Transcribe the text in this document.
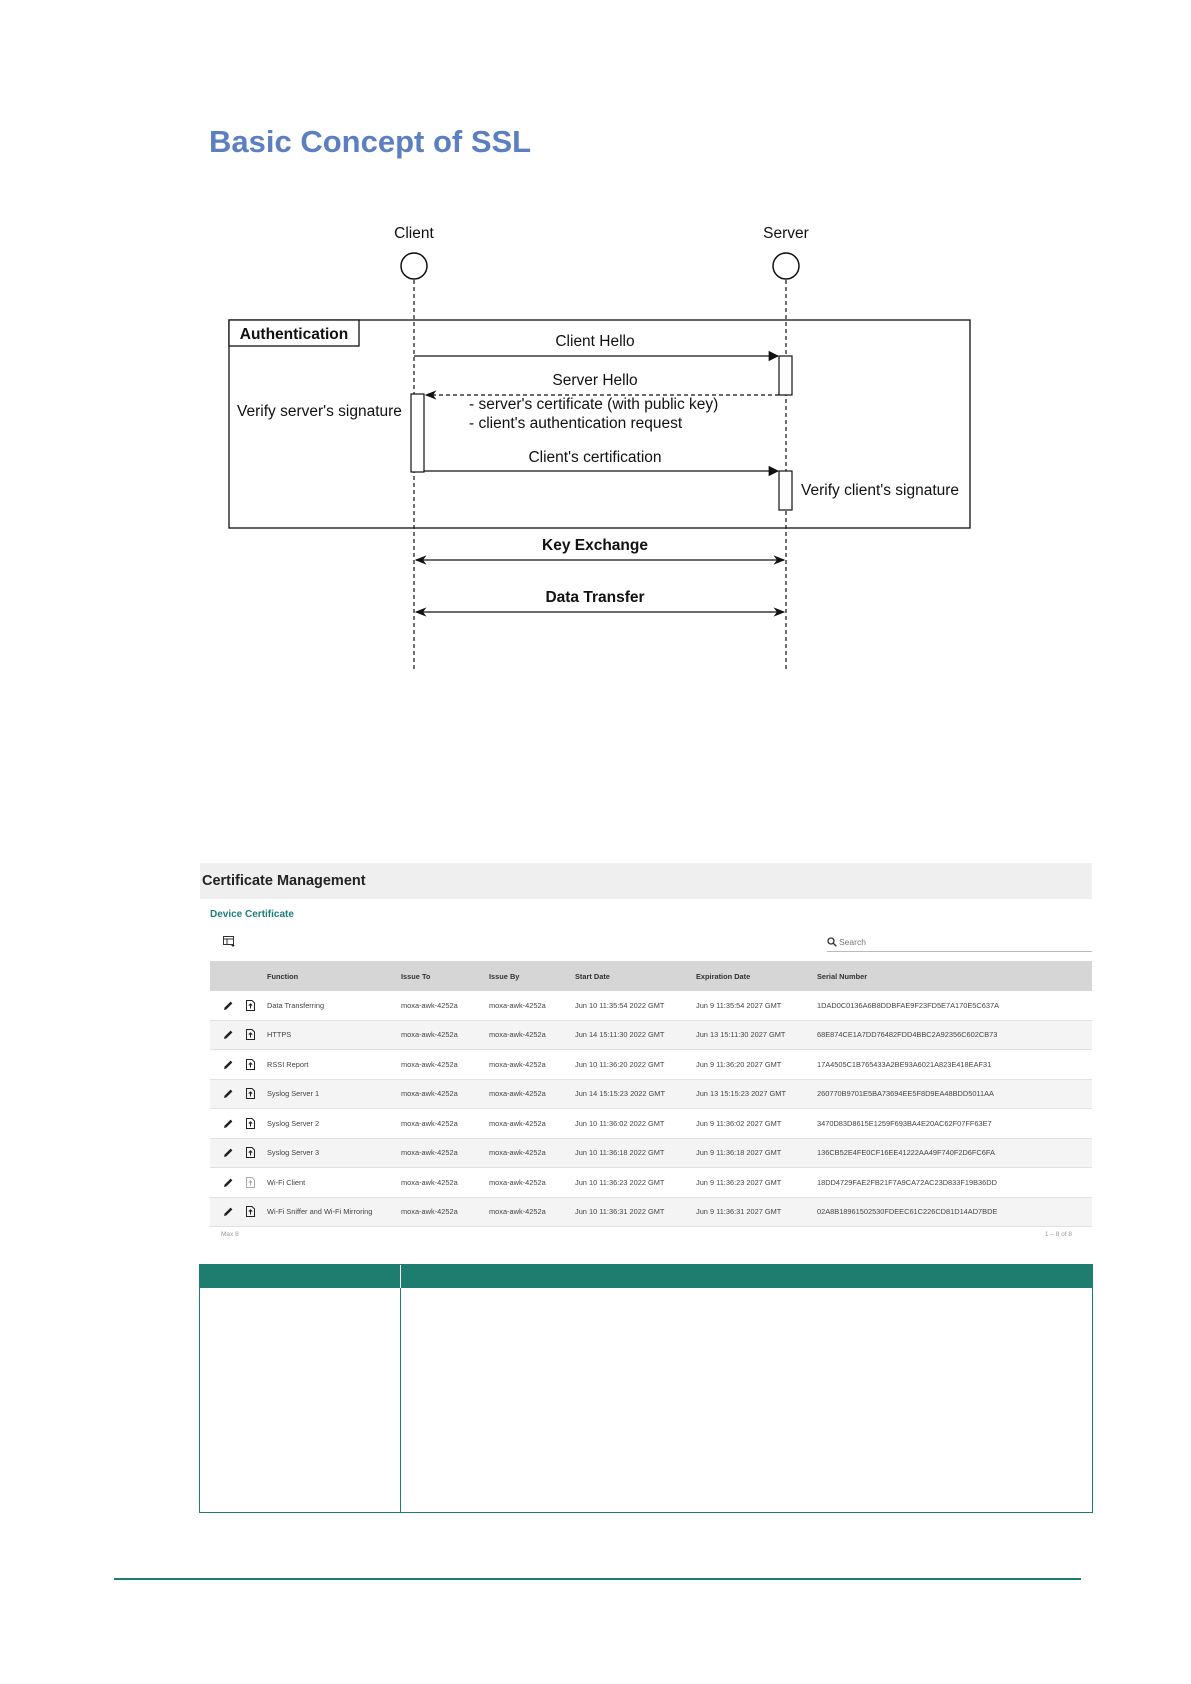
Basic Concept of SSL
Client	Server
Authentication	Client Hello
Server Hello
- server's certificate (with public key)
- client's authentication request
Verify server's signature
Client's certification
Verify client's signature
Key Exchange
Data Transfer
Certificate Management
Device Certificate
Search
Function	Issue To	Issue By	Start Date	Expiration Date	Serial Number
Data Transferring	moxa-awk-4252a	moxa-awk-4252a	Jun 10 11:35:54 2022 GMT	Jun 9 11:35:54 2027 GMT	1DAD0C0136A6B8DDBFAE9F23FD5E7A170E5C637A
HTTPS	moxa-awk-4252a	moxa-awk-4252a	Jun 14 15:11:30 2022 GMT	Jun 13 15:11:30 2027 GMT	68E874CE1A7DD76482FDD4BBC2A92356C602CB73
RSSI Report	moxa-awk-4252a	moxa-awk-4252a	Jun 10 11:36:20 2022 GMT	Jun 9 11:36:20 2027 GMT	17A4505C1B765433A2BE93A6021A823E418EAF31
Syslog Server 1	moxa-awk-4252a	moxa-awk-4252a	Jun 14 15:15:23 2022 GMT	Jun 13 15:15:23 2027 GMT	260770B9701E5BA73694EE5F8D9EA48BDD5011AA
Syslog Server 2	moxa-awk-4252a	moxa-awk-4252a	Jun 10 11:36:02 2022 GMT	Jun 9 11:36:02 2027 GMT	3470D83D8615E1259F693BA4E20AC62F07FF63E7
Syslog Server 3	moxa-awk-4252a	moxa-awk-4252a	Jun 10 11:36:18 2022 GMT	Jun 9 11:36:18 2027 GMT	136CB52E4FE0CF16EE41222AA49F740F2D6FC6FA
Wi-Fi Client	moxa-awk-4252a	moxa-awk-4252a	Jun 10 11:36:23 2022 GMT	Jun 9 11:36:23 2027 GMT	18DD4729FAE2FB21F7A9CA72AC23D833F19B36DD
Wi-Fi Sniffer and Wi-Fi Mirroring	moxa-awk-4252a	moxa-awk-4252a	Jun 10 11:36:31 2022 GMT	Jun 9 11:36:31 2027 GMT	02A8B18961502530FDEEC61C226CD81D14AD7BDE
Max 8	1 – 8 of 8
